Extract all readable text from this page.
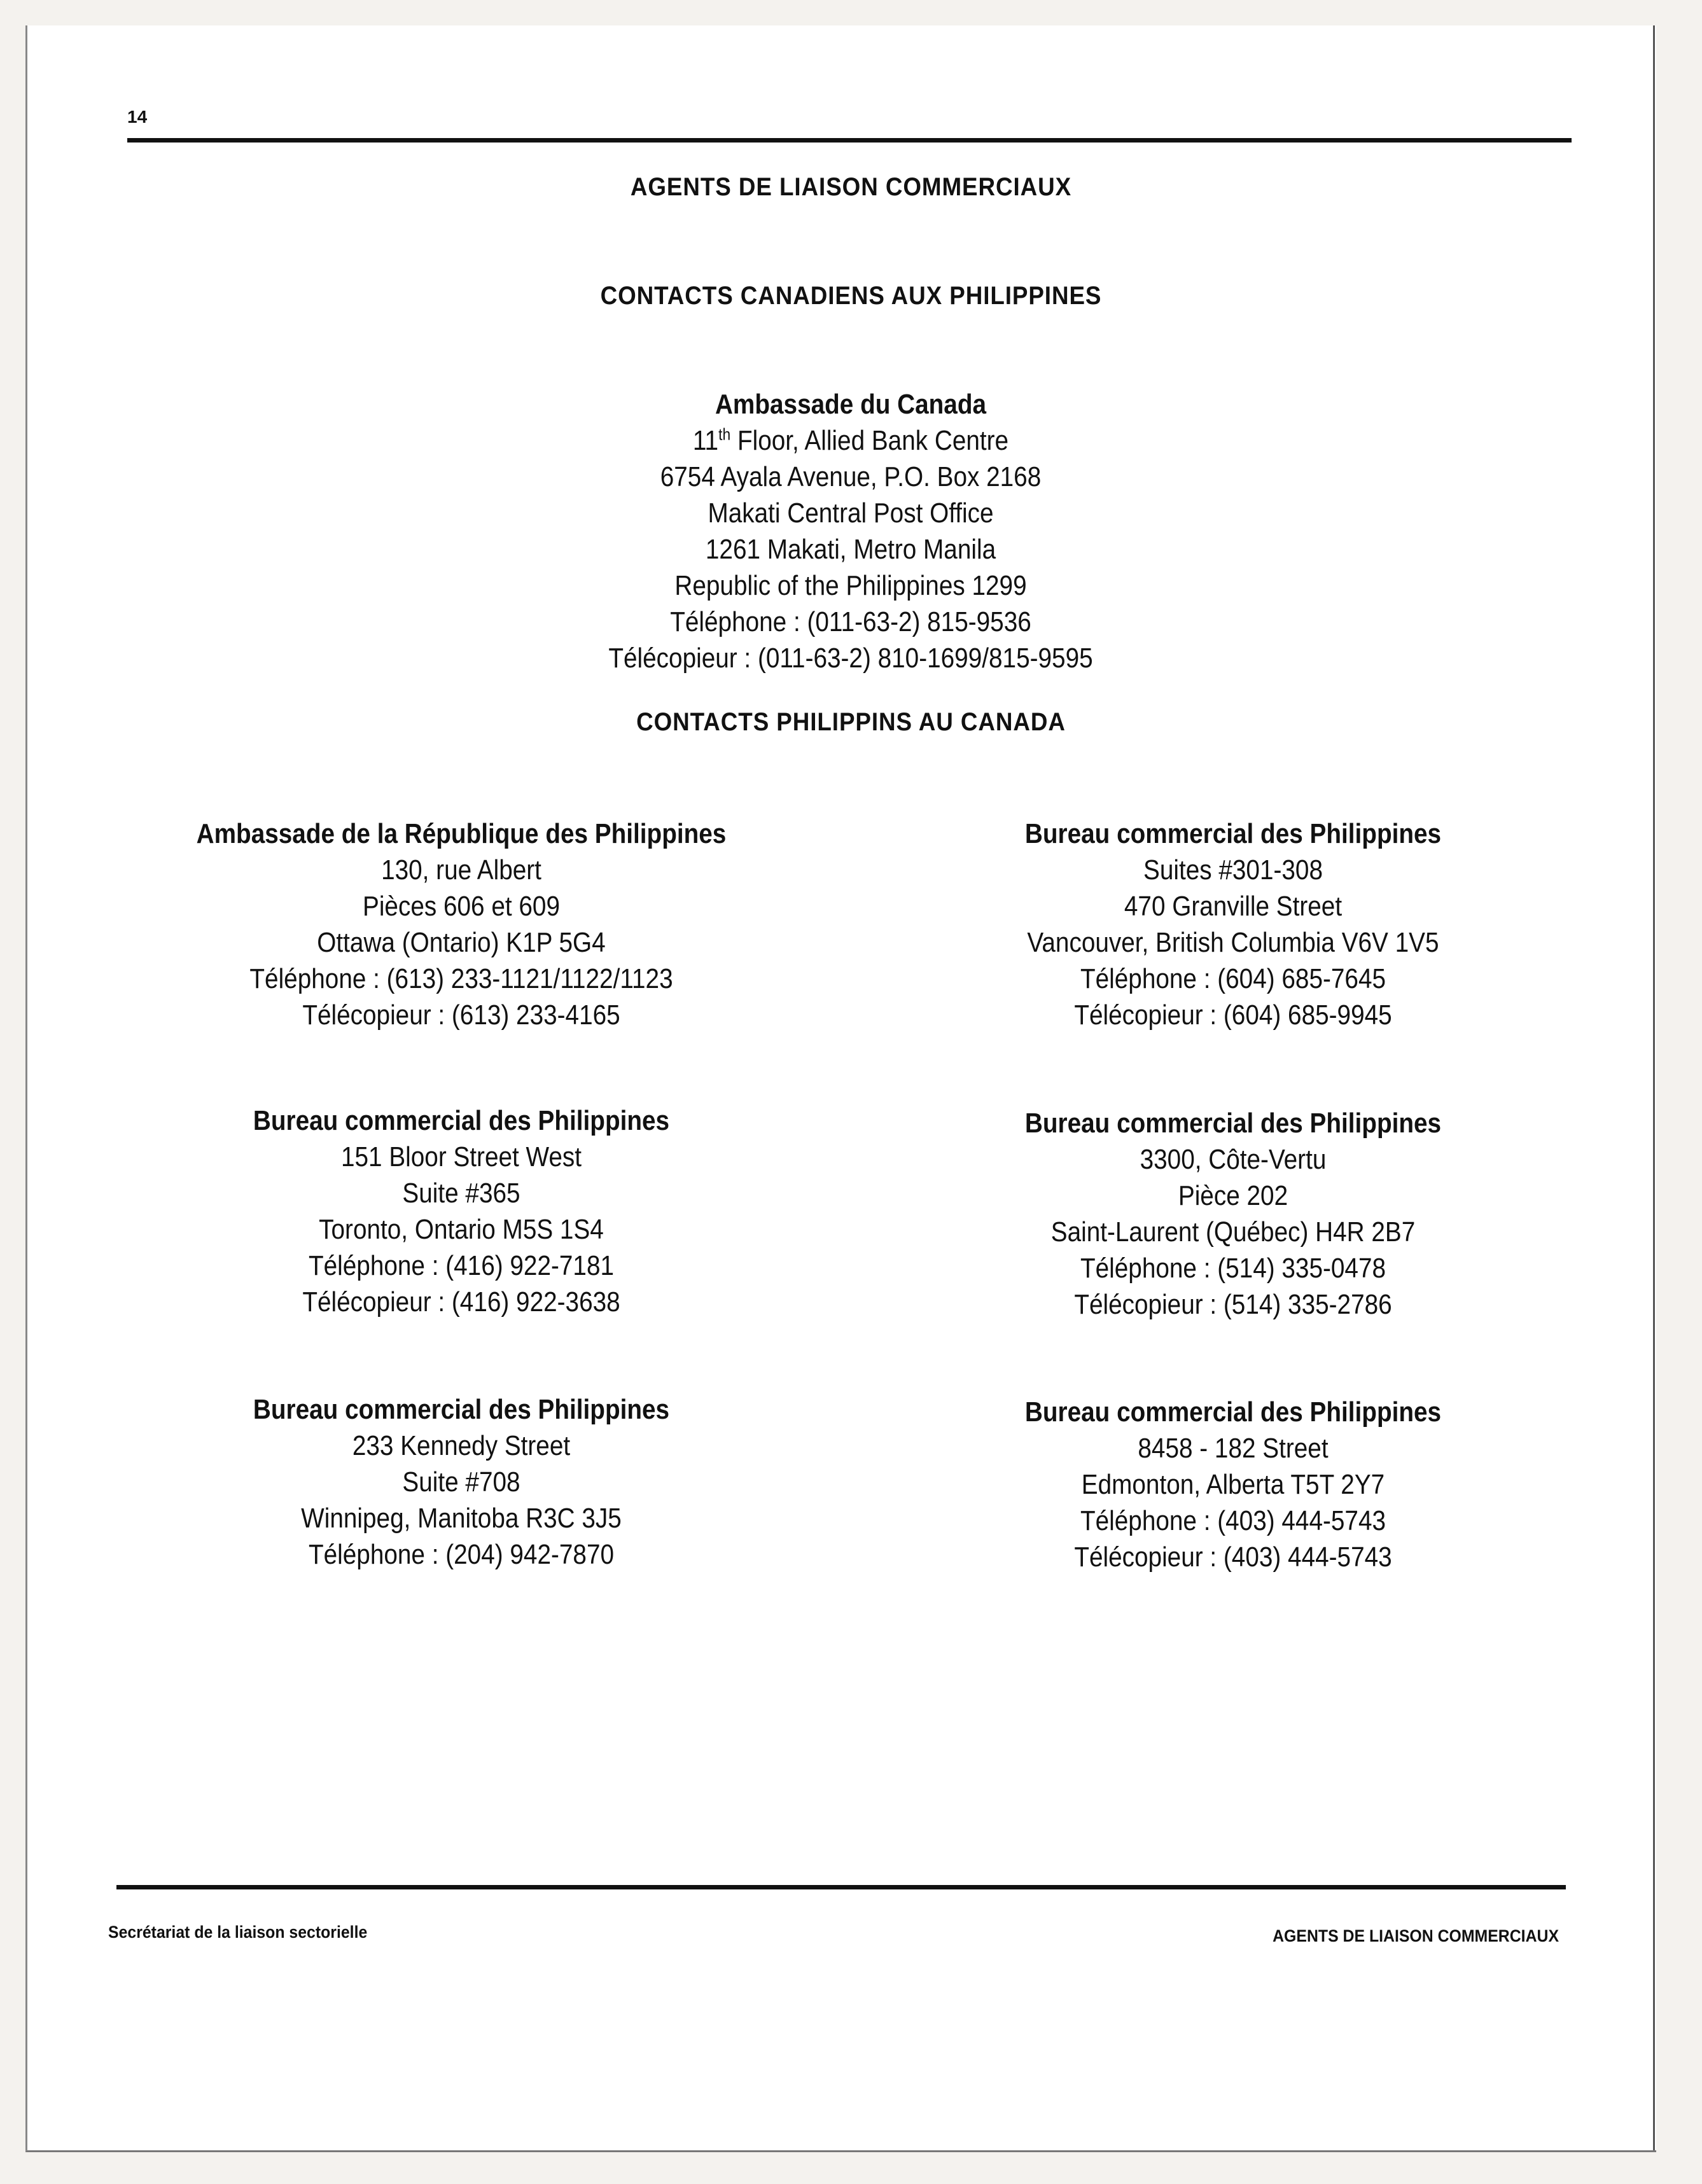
14
AGENTS DE LIAISON COMMERCIAUX
CONTACTS CANADIENS AUX PHILIPPINES
Ambassade du Canada
11th Floor, Allied Bank Centre
6754 Ayala Avenue, P.O. Box 2168
Makati Central Post Office
1261 Makati, Metro Manila
Republic of the Philippines 1299
Téléphone : (011-63-2) 815-9536
Télécopieur : (011-63-2) 810-1699/815-9595
CONTACTS PHILIPPINS AU CANADA
Ambassade de la République des Philippines
130, rue Albert
Pièces 606 et 609
Ottawa (Ontario) K1P 5G4
Téléphone : (613) 233-1121/1122/1123
Télécopieur : (613) 233-4165
Bureau commercial des Philippines
Suites #301-308
470 Granville Street
Vancouver, British Columbia V6V 1V5
Téléphone : (604) 685-7645
Télécopieur : (604) 685-9945
Bureau commercial des Philippines
151 Bloor Street West
Suite #365
Toronto, Ontario M5S 1S4
Téléphone : (416) 922-7181
Télécopieur : (416) 922-3638
Bureau commercial des Philippines
3300, Côte-Vertu
Pièce 202
Saint-Laurent (Québec) H4R 2B7
Téléphone : (514) 335-0478
Télécopieur : (514) 335-2786
Bureau commercial des Philippines
233 Kennedy Street
Suite #708
Winnipeg, Manitoba R3C 3J5
Téléphone : (204) 942-7870
Bureau commercial des Philippines
8458 - 182 Street
Edmonton, Alberta T5T 2Y7
Téléphone : (403) 444-5743
Télécopieur : (403) 444-5743
Secrétariat de la liaison sectorielle	AGENTS DE LIAISON COMMERCIAUX
